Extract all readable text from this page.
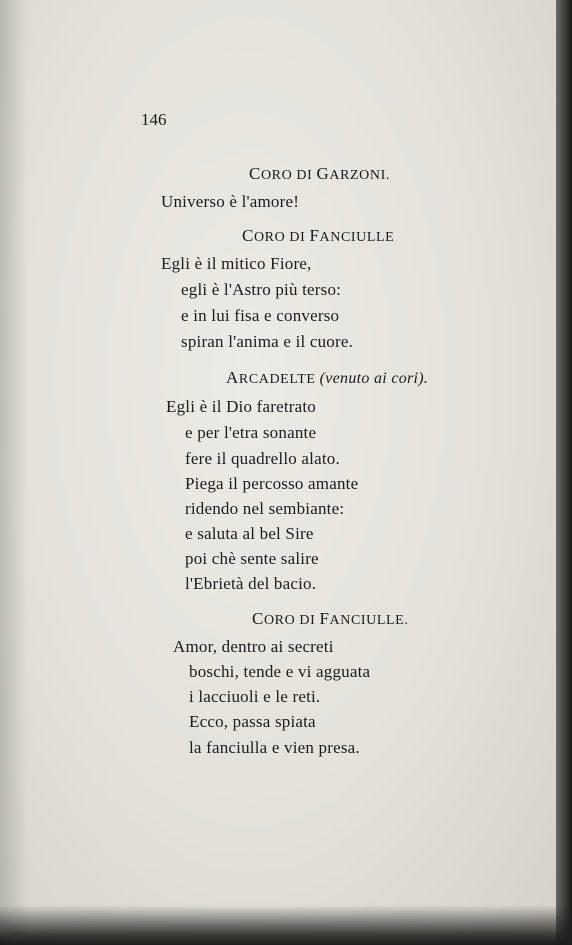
146
CORO DI GARZONI.
Universo è l'amore!
CORO DI FANCIULLE
Egli è il mitico Fiore,
egli è l'Astro più terso:
e in lui fisa e converso
spiran l'anima e il cuore.
ARCADELTE (venuto ai cori).
Egli è il Dio faretrato
e per l'etra sonante
fere il quadrello alato.
Piega il percosso amante
ridendo nel sembiante:
e saluta al bel Sire
poi chè sente salire
l'Ebrietà del bacio.
CORO DI FANCIULLE.
Amor, dentro ai secreti
boschi, tende e vi agguata
i lacciuoli e le reti.
Ecco, passa spiata
la fanciulla e vien presa.
